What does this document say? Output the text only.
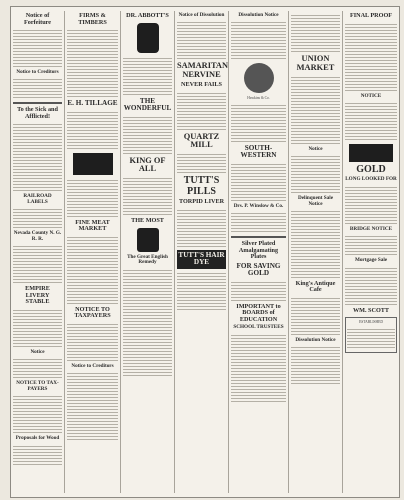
Notice of Forfeiture
Notice to Creditors
To the Sick and Afflicted!
RAILROAD LABELS
Nevada County N. G. R. R.
EMPIRE LIVERY STABLE
Notice
NOTICE TO TAX-PAYERS
Proposals for Wood
FIRMS & TIMBERS
E. H. TILLAGE
FINE MEAT MARKET
NOTICE TO TAXPAYERS
Notice to Creditors
DR. ABBOTT'S
THE WONDERFUL
KING OF ALL
THE MOST
The Great English Remedy
Notice of Dissolution
SAMARITAN NERVINE
NEVER FAILS
QUARTZ MILL
TUTT'S PILLS
TORPID LIVER
TUTT'S HAIR DYE
Dissolution Notice
Hawkins & Co.
SOUTH-WESTERN
Drs. P. Winslow & Co.
Silver Plated Amalgamating Plates
FOR SAVING GOLD
IMPORTANT to BOARDS of EDUCATION
SCHOOL TRUSTEES
UNION MARKET
Notice
Delinquent Sale Notice
King's Antique Cafe
Dissolution Notice
FINAL PROOF
NOTICE
GOLD
LONG LOOKED FOR
BRIDGE NOTICE
Mortgage Sale
WM. SCOTT
ESTABLISHED
